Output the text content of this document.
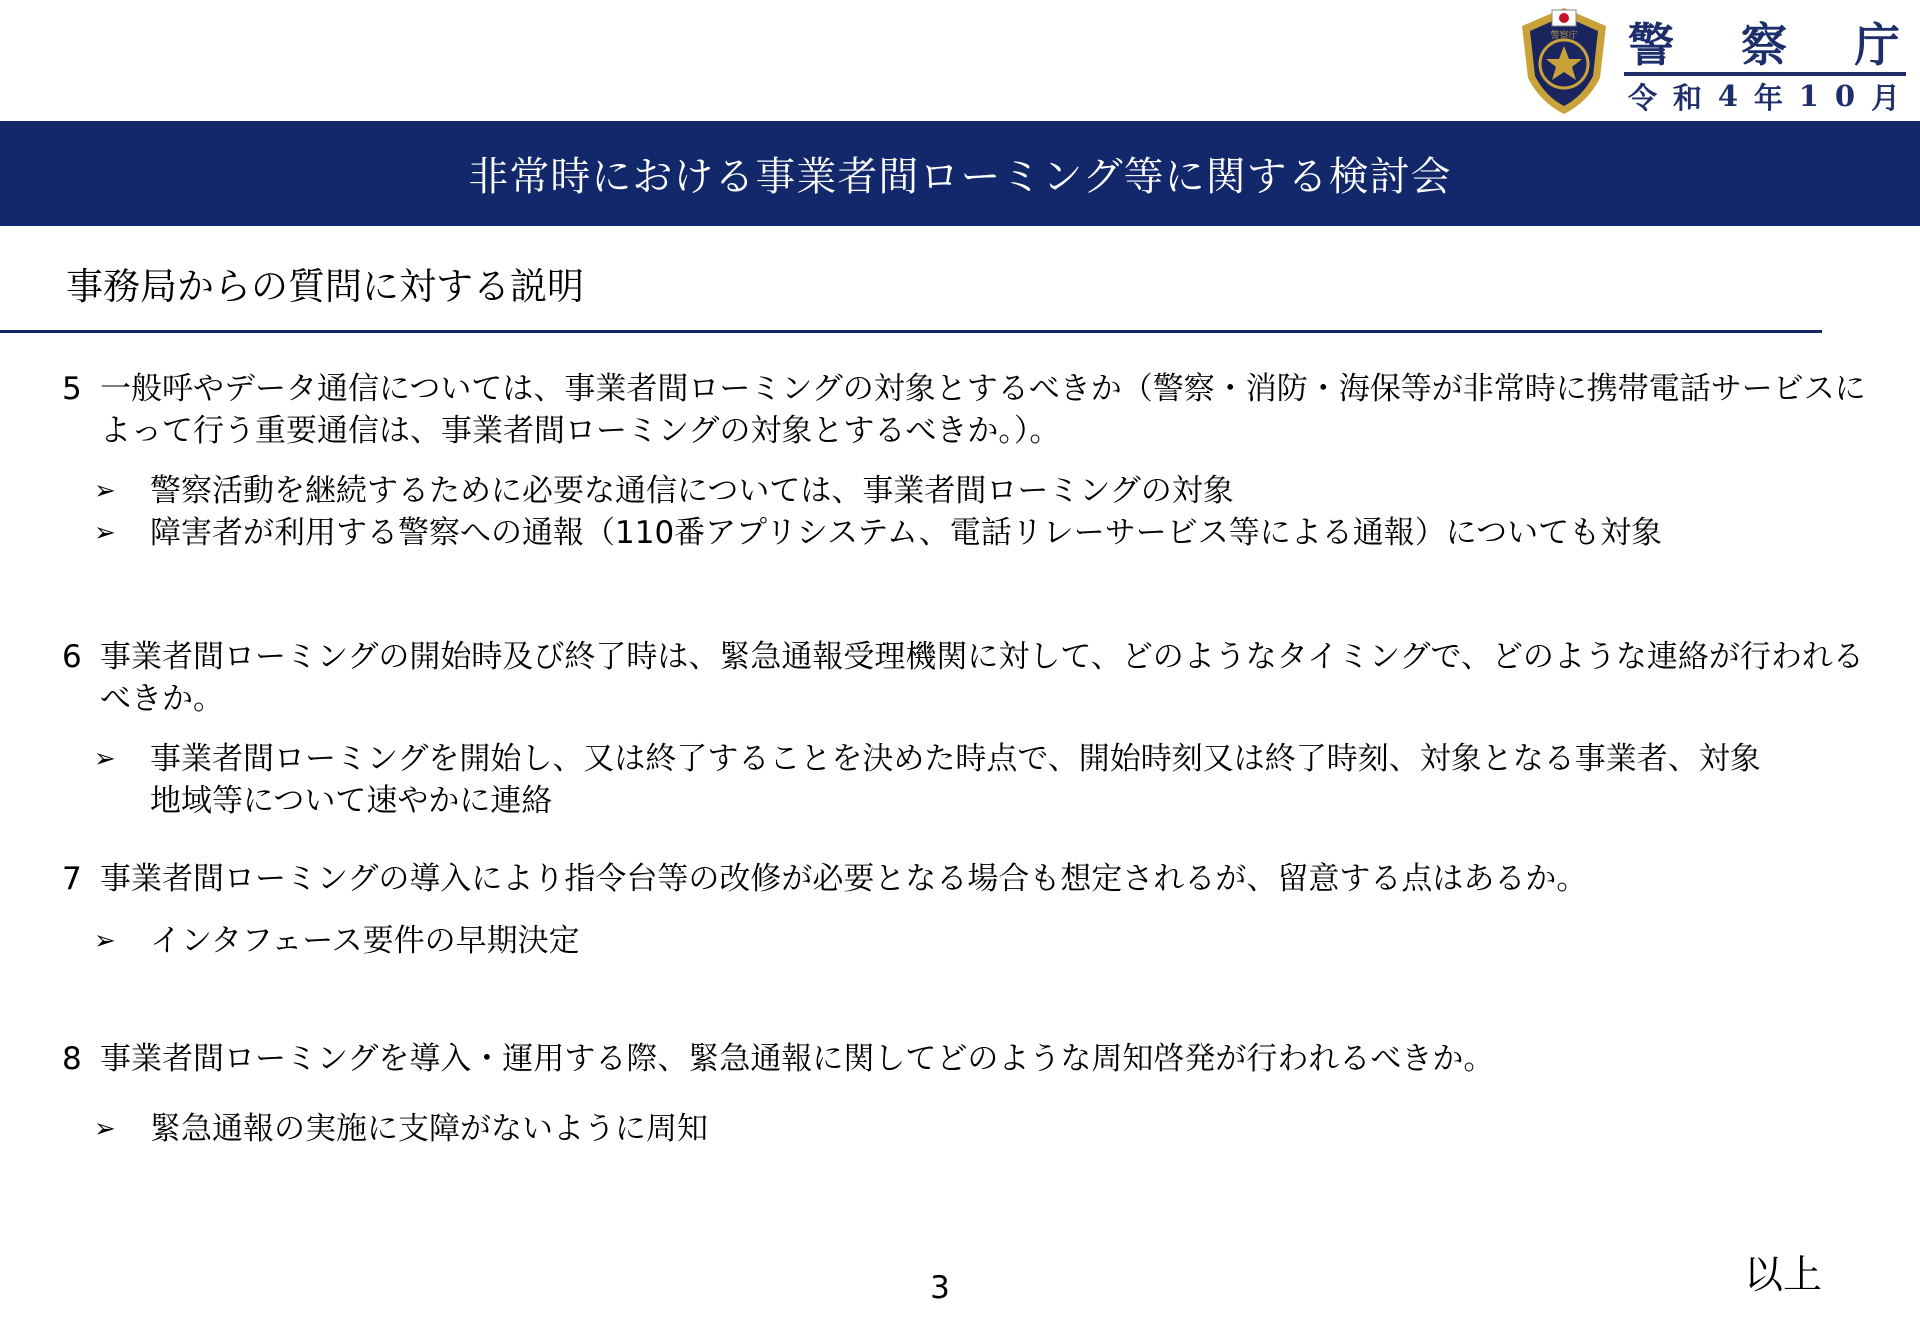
警察庁 警 察 庁
令 和 4 年 1 0 月
非常時における事業者間ローミング等に関する検討会
事務局からの質問に対する説明
5 一般呼やデータ通信については、事業者間ローミングの対象とするべきか（警察・消防・海保等が非常時に携帯電話サービスによって行う重要通信は、事業者間ローミングの対象とするべきか。）。
➢	警察活動を継続するために必要な通信については、事業者間ローミングの対象
➢	障害者が利用する警察への通報（110番アプリシステム、電話リレーサービス等による通報）についても対象
6 事業者間ローミングの開始時及び終了時は、緊急通報受理機関に対して、どのようなタイミングで、どのような連絡が行われるべきか。
➢	事業者間ローミングを開始し、又は終了することを決めた時点で、開始時刻又は終了時刻、対象となる事業者、対象地域等について速やかに連絡
7 事業者間ローミングの導入により指令台等の改修が必要となる場合も想定されるが、留意する点はあるか。
➢	インタフェース要件の早期決定
8 事業者間ローミングを導入・運用する際、緊急通報に関してどのような周知啓発が行われるべきか。
➢	緊急通報の実施に支障がないように周知
3	以上
